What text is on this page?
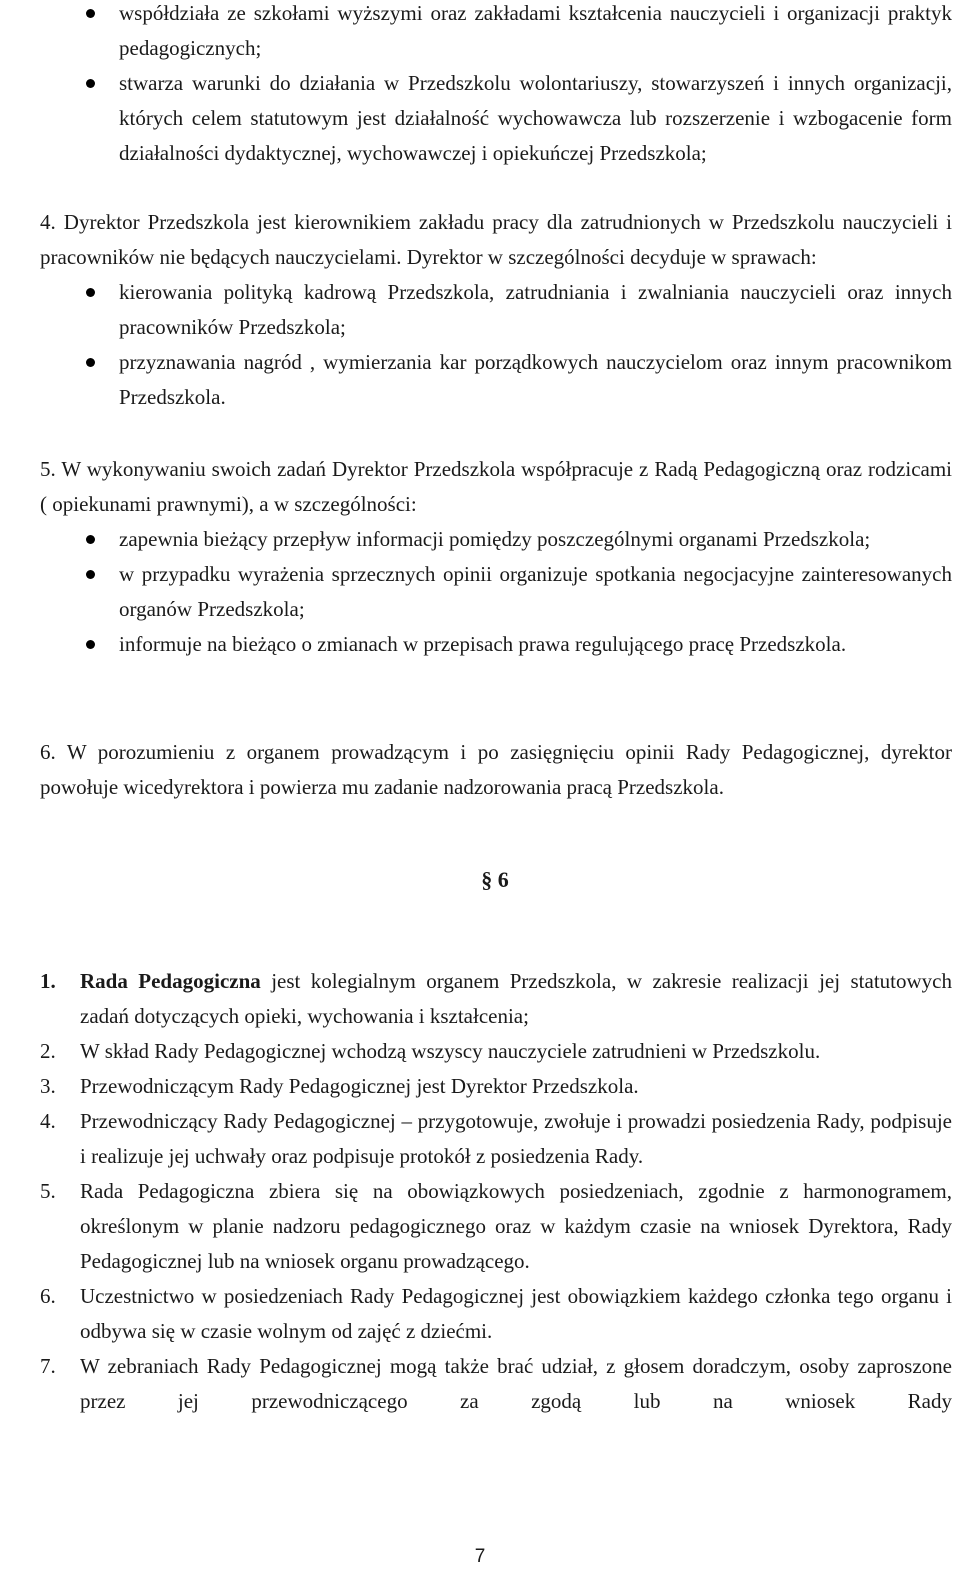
współdziała ze szkołami wyższymi oraz zakładami kształcenia nauczycieli i organizacji praktyk pedagogicznych;
stwarza warunki do działania w Przedszkolu wolontariuszy, stowarzyszeń i innych organizacji, których celem statutowym jest działalność wychowawcza lub rozszerzenie i wzbogacenie form działalności dydaktycznej, wychowawczej i opiekuńczej Przedszkola;

4. Dyrektor Przedszkola jest kierownikiem zakładu pracy dla zatrudnionych w Przedszkolu nauczycieli i pracowników nie będących nauczycielami. Dyrektor w szczególności decyduje w sprawach:

kierowania polityką kadrową Przedszkola, zatrudniania i zwalniania nauczycieli oraz innych pracowników Przedszkola;
przyznawania nagród , wymierzania kar porządkowych nauczycielom oraz innym pracownikom Przedszkola.

5. W wykonywaniu swoich zadań Dyrektor Przedszkola współpracuje z Radą Pedagogiczną oraz rodzicami ( opiekunami prawnymi), a w szczególności:

zapewnia bieżący przepływ informacji pomiędzy poszczególnymi organami Przedszkola;
w przypadku wyrażenia sprzecznych opinii organizuje spotkania negocjacyjne zainteresowanych organów Przedszkola;
informuje na bieżąco o zmianach w przepisach prawa regulującego pracę Przedszkola.

6. W porozumieniu z organem prowadzącym i po zasięgnięciu opinii Rady Pedagogicznej, dyrektor powołuje wicedyrektora i powierza mu zadanie nadzorowania pracą Przedszkola.

§ 6
1. Rada Pedagogiczna jest kolegialnym organem Przedszkola, w zakresie realizacji jej statutowych zadań dotyczących opieki, wychowania i kształcenia;
2. W skład Rady Pedagogicznej wchodzą wszyscy nauczyciele zatrudnieni w Przedszkolu.
3. Przewodniczącym Rady Pedagogicznej jest Dyrektor Przedszkola.
4. Przewodniczący Rady Pedagogicznej – przygotowuje, zwołuje i prowadzi posiedzenia Rady, podpisuje i realizuje jej uchwały oraz podpisuje protokół z posiedzenia Rady.
5. Rada Pedagogiczna zbiera się na obowiązkowych posiedzeniach, zgodnie z harmonogramem, określonym w planie nadzoru pedagogicznego oraz w każdym czasie na wniosek Dyrektora, Rady Pedagogicznej lub na wniosek organu prowadzącego.
6. Uczestnictwo w posiedzeniach Rady Pedagogicznej jest obowiązkiem każdego członka tego organu i odbywa się w czasie wolnym od zajęć z dziećmi.
7. W zebraniach Rady Pedagogicznej mogą także brać udział, z głosem doradczym, osoby zaproszone przez jej przewodniczącego za zgodą lub na wniosek Rady
7
